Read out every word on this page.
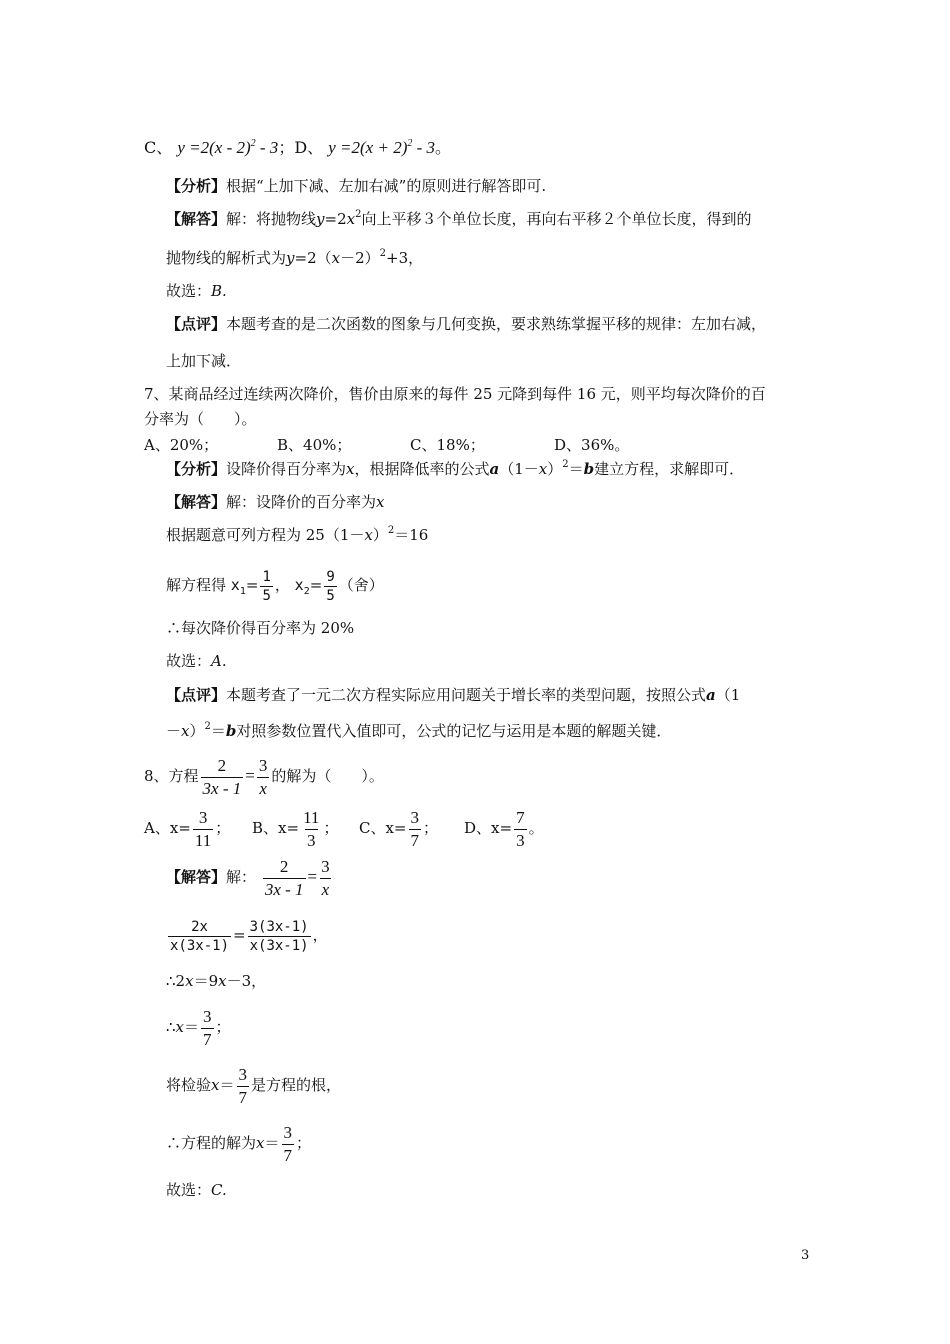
C、 y =2(x - 2)$^2$ - 3；D、 $y =2(x + 2)^2 - 3$。
【分析】根据“上加下减、左加右减”的原则进行解答即可.
【解答】解：将抛物线$y=2x^2$向上平移３个单位长度，再向右平移２个单位长度，得到的
抛物线的解析式为$y=2(x-2)^2+3$，
故选：B.
【点评】本题考查的是二次函数的图象与几何变换，要求熟练掌握平移的规律：左加右减，
上加下减．
7、某商品经过连续两次降价，售价由原来的每件 25 元降到每件 16 元，则平均每次降价的百
分率为（　　）。
A、20%；	B、40%；	C、18%；	D、36%。
【分析】设降价得百分率为x，根据降低率的公式$a(1-x)^2=b$建立方程，求解即可．
【解答】解：设降价的百分率为x
根据题意可列方程为 $25(1-x)^2=16$
解方程得 $x_1= \frac{1}{5}$ ， $x_2= \frac{9}{5}$ （舍）
∴每次降价得百分率为 20%
故选：A.
【点评】本题考查了一元二次方程实际应用问题关于增长率的类型问题，按照公式a（1
－x）$^2$＝b对照参数位置代入值即可，公式的记忆与运用是本题的解题关键．
8、方程 $\frac{2}{3x - 1} = \frac{3}{x}$ 的解为（　　）。
A、$x= \frac{3}{11}$ ； B、$x= \frac{11}{3}$ ； C、$x= \frac{3}{7}$ ； D、$x= \frac{7}{3}$ 。
【解答】解： $\frac{2}{3x - 1} = \frac{3}{x}$
$\frac{2x}{x(3x-1)} = \frac{3(3x-1)}{x(3x-1)}$ ，
∴2x＝9x－3，
∴x＝ $\frac{3}{7}$ ；
将检验$x= \frac{3}{7}$ 是方程的根，
∴方程的解为$x= \frac{3}{7}$ ；
故选：C.
3
